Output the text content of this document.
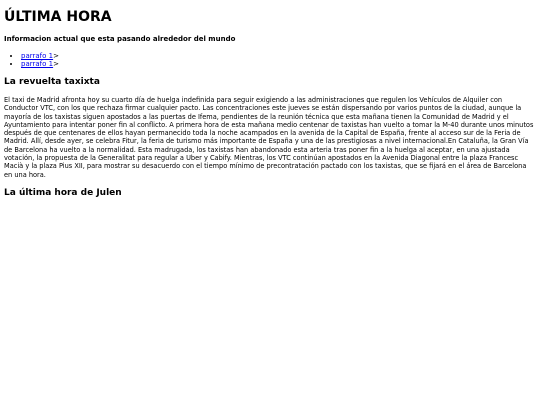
ÚLTIMA HORA

Informacion actual que esta pasando alrededor del mundo

• parrafo 1>
• parrafo 1>
La revuelta taxixta

El taxi de Madrid afronta hoy su cuarto día de huelga indefinida para seguir exigiendo a las administraciones que regulen los Vehículos de Alquiler con Conductor VTC, con los que rechaza firmar cualquier pacto. Las concentraciones este jueves se están dispersando por varios puntos de la ciudad, aunque la mayoría de los taxistas siguen apostados a las puertas de Ifema, pendientes de la reunión técnica que esta mañana tienen la Comunidad de Madrid y el Ayuntamiento para intentar poner fin al conflicto. A primera hora de esta mañana medio centenar de taxistas han vuelto a tomar la M-40 durante unos minutos después de que centenares de ellos hayan permanecido toda la noche acampados en la avenida de la Capital de España, frente al acceso sur de la Feria de Madrid. Allí, desde ayer, se celebra Fitur, la feria de turismo más importante de España y una de las prestigiosas a nivel internacional.En Cataluña, la Gran Vía de Barcelona ha vuelto a la normalidad. Esta madrugada, los taxistas han abandonado esta arteria tras poner fin a la huelga al aceptar, en una ajustada votación, la propuesta de la Generalitat para regular a Uber y Cabify. Mientras, los VTC continúan apostados en la Avenida Diagonal entre la plaza Francesc Macià y la plaza Pius XII, para mostrar su desacuerdo con el tiempo mínimo de precontratación pactado con los taxistas, que se fijará en el área de Barcelona en una hora.

La última hora de Julen
